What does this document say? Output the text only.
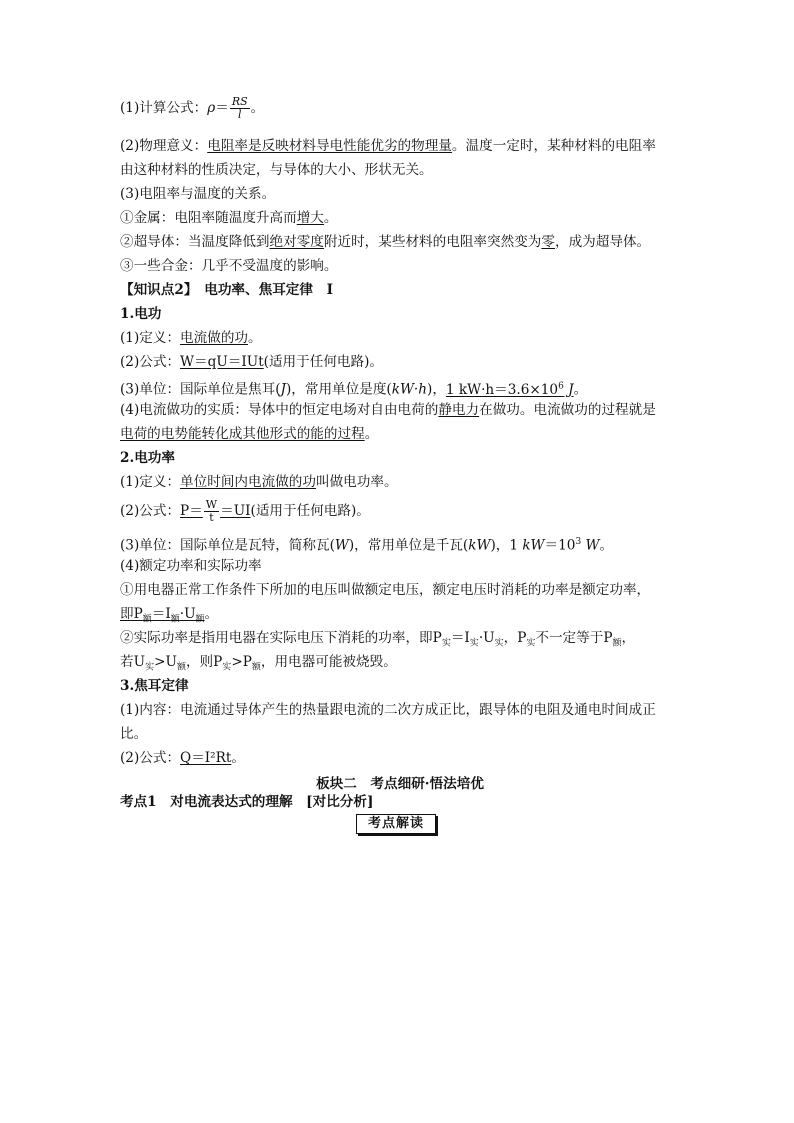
(1)计算公式：$\rho= \frac{RS}{l}$ 。
(2)物理意义：电阻率是反映材料导电性能优劣的物理量。温度一定时，某种材料的电阻率
由这种材料的性质决定，与导体的大小、形状无关。
(3)电阻率与温度的关系。
①金属：电阻率随温度升高而增大。
②超导体：当温度降低到绝对零度附近时，某些材料的电阻率突然变为零，成为超导体。
③一些合金：几乎不受温度的影响。
【知识点2】　电功率、焦耳定律　Ⅰ
1.电功
(1)定义：电流做的功。
(2)公式：W＝qU＝IUt(适用于任何电路)。
(3)单位：国际单位是焦耳(J)，常用单位是度(kW·h)，1 $kW\cdot h=3.6\times 10^6$ J。
(4)电流做功的实质：导体中的恒定电场对自由电荷的静电力在做功。电流做功的过程就是
电荷的电势能转化成其他形式的能的过程。
2.电功率
(1)定义：单位时间内电流做的功叫做电功率。
(2)公式：$P= \frac{W}{t} =UI$(适用于任何电路)。
(3)单位：国际单位是瓦特，简称瓦(W)，常用单位是千瓦(kW)，1 $kW=10^3$ W。
(4)额定功率和实际功率
①用电器正常工作条件下所加的电压叫做额定电压，额定电压时消耗的功率是额定功率，
即$P_额=I_额\cdot U_额$。
②实际功率是指用电器在实际电压下消耗的功率，即$P_实=I_实\cdot U_实$，$P_实$不一定等于$P_额$，
若$U_实>U_额$，则$P_实>P_额$，用电器可能被烧毁。
3.焦耳定律
(1)内容：电流通过导体产生的热量跟电流的二次方成正比，跟导体的电阻及通电时间成正
比。
(2)公式：Q＝I²Rt。
板块二　考点细研·悟法培优
考点1　对电流表达式的理解　[对比分析]
考点解读
